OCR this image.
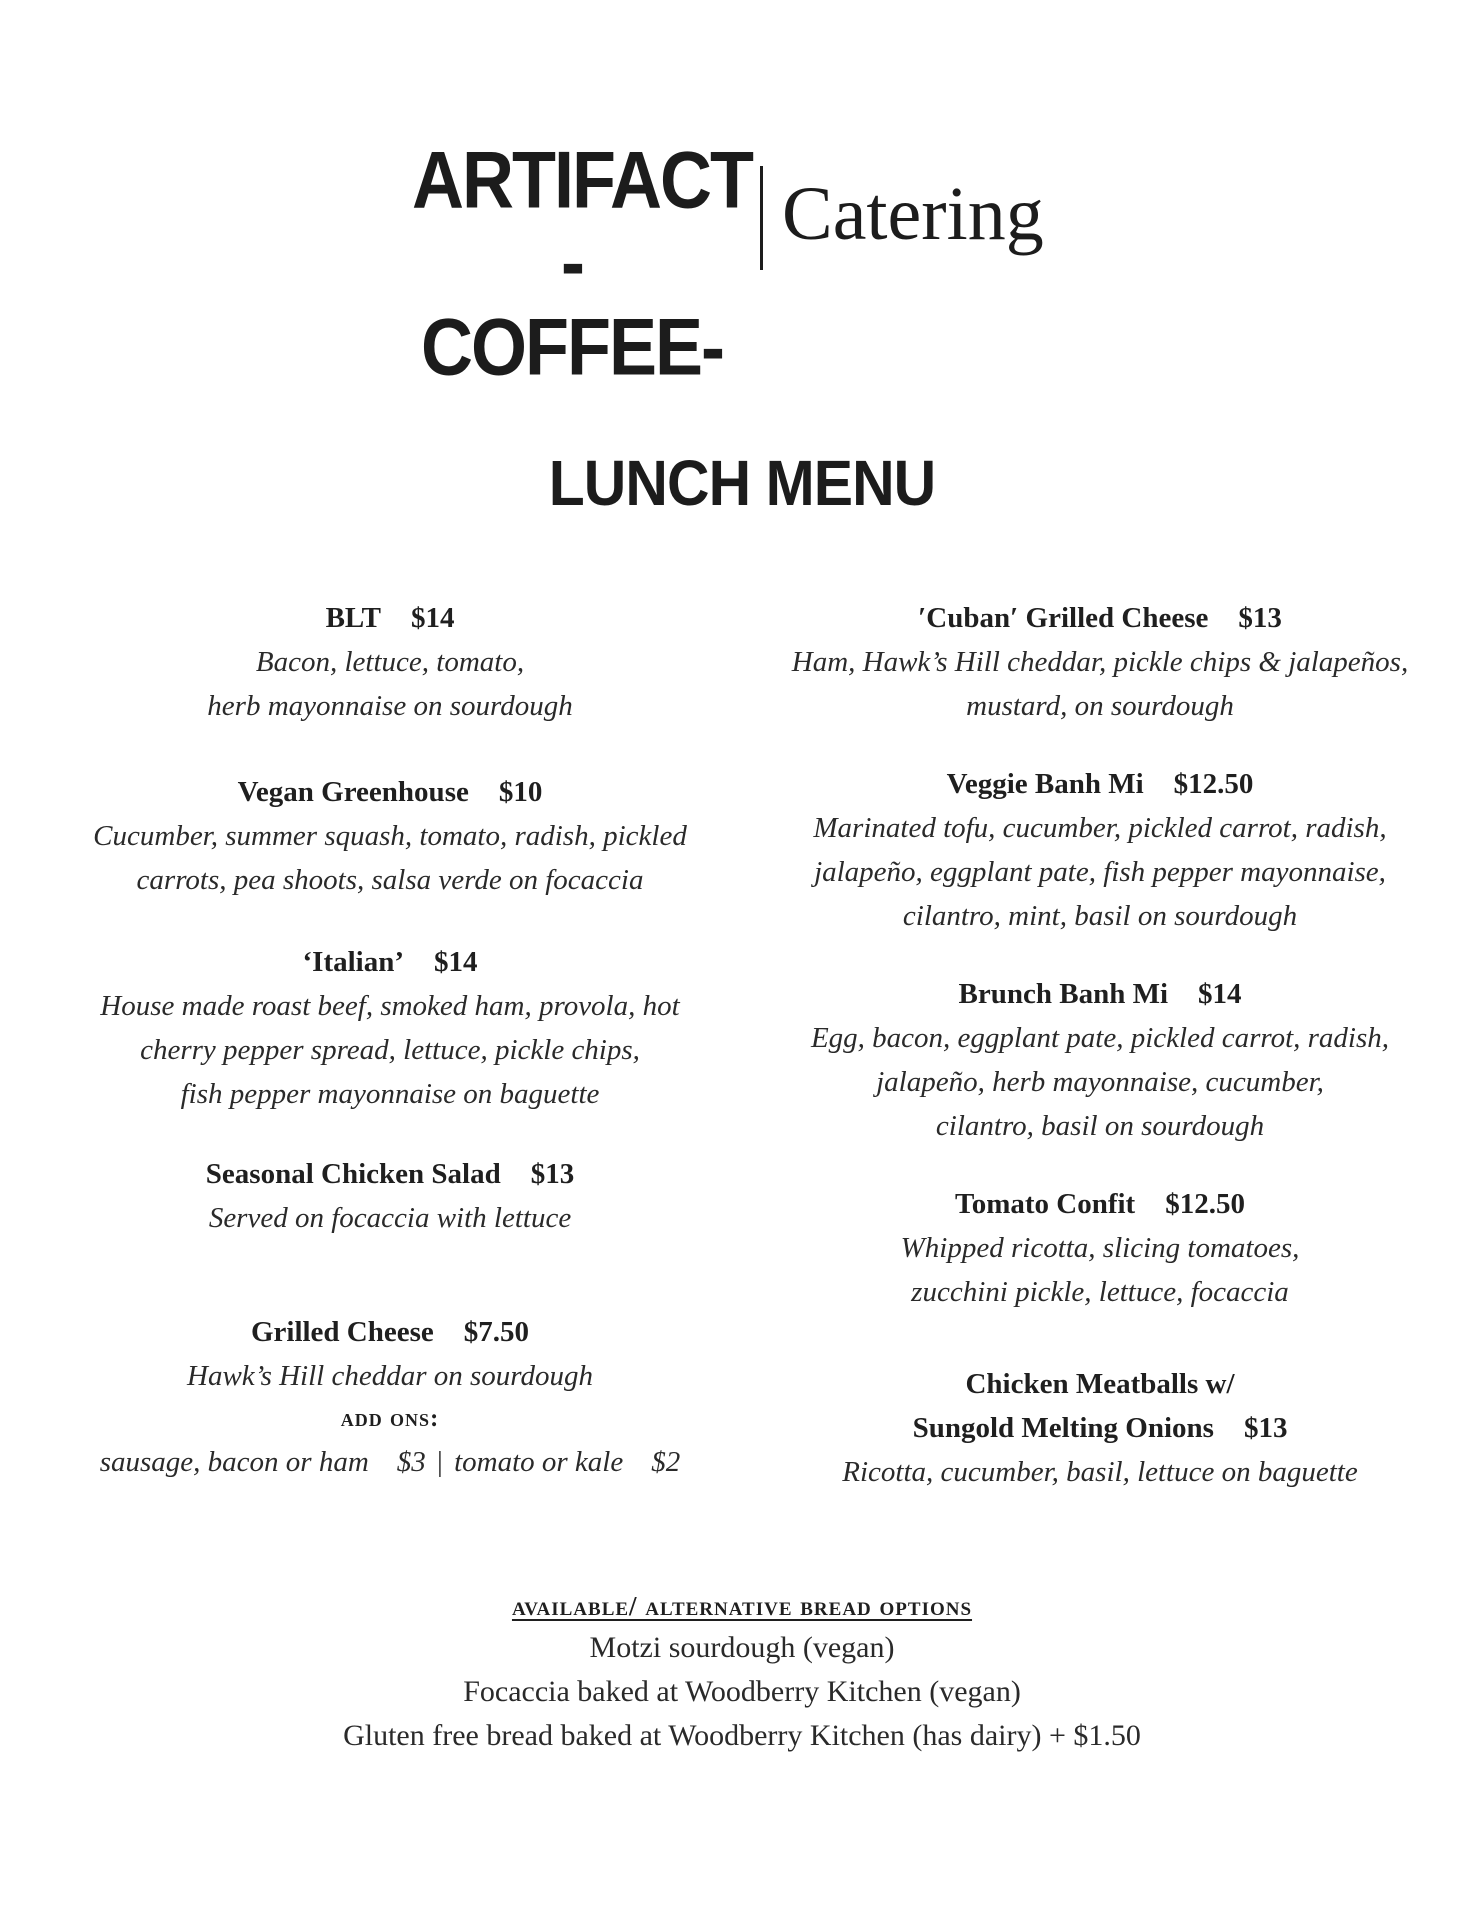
ARTIFACT
-COFFEE-
Catering
LUNCH MENU
BLT $14
Bacon, lettuce, tomato,
herb mayonnaise on sourdough
Vegan Greenhouse $10
Cucumber, summer squash, tomato, radish, pickled
carrots, pea shoots, salsa verde on focaccia
‘Italian’ $14
House made roast beef, smoked ham, provola, hot
cherry pepper spread, lettuce, pickle chips,
fish pepper mayonnaise on baguette
Seasonal Chicken Salad $13
Served on focaccia with lettuce
Grilled Cheese $7.50
Hawk’s Hill cheddar on sourdough
add ons:
sausage, bacon or ham $3 | tomato or kale $2
′Cuban′ Grilled Cheese $13
Ham, Hawk’s Hill cheddar, pickle chips & jalapeños,
mustard, on sourdough
Veggie Banh Mi $12.50
Marinated tofu, cucumber, pickled carrot, radish,
jalapeño, eggplant pate, fish pepper mayonnaise,
cilantro, mint, basil on sourdough
Brunch Banh Mi $14
Egg, bacon, eggplant pate, pickled carrot, radish,
jalapeño, herb mayonnaise, cucumber,
cilantro, basil on sourdough
Tomato Confit $12.50
Whipped ricotta, slicing tomatoes,
zucchini pickle, lettuce, focaccia
Chicken Meatballs w/
Sungold Melting Onions $13
Ricotta, cucumber, basil, lettuce on baguette
available/ alternative bread options
Motzi sourdough (vegan)
Focaccia baked at Woodberry Kitchen (vegan)
Gluten free bread baked at Woodberry Kitchen (has dairy) + $1.50
